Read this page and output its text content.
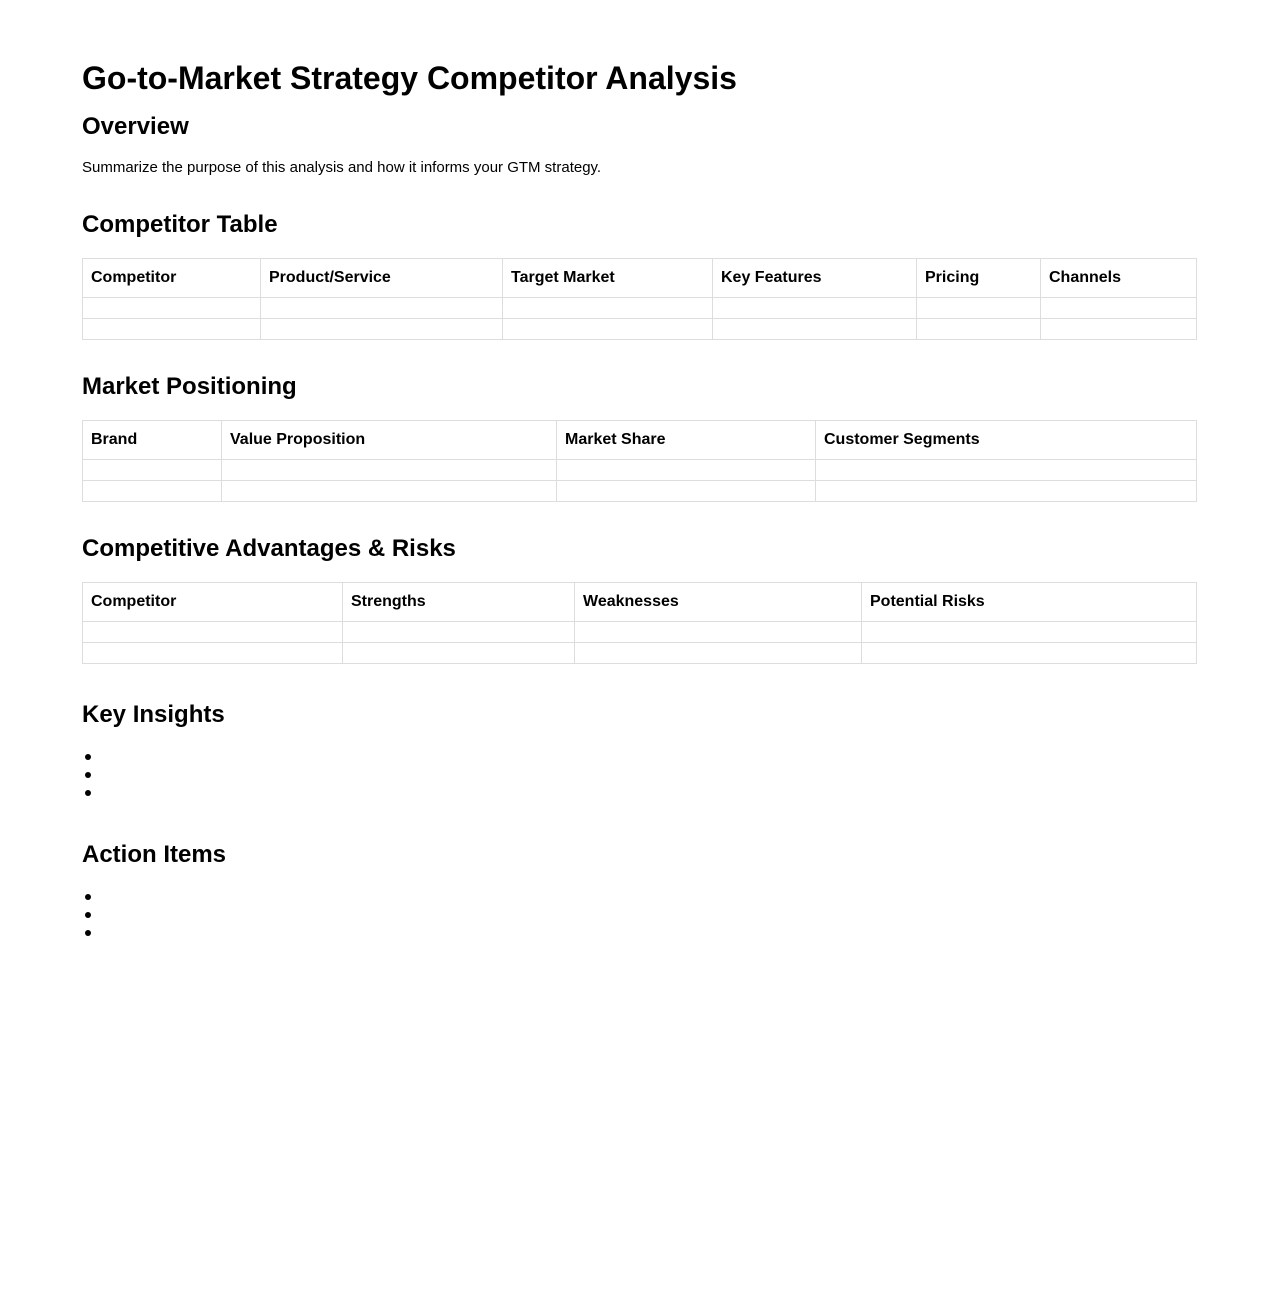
Go-to-Market Strategy Competitor Analysis
Overview

Summarize the purpose of this analysis and how it informs your GTM strategy.

Competitor Table
Competitor	Product/Service	Target Market	Key Features	Pricing	Channels

Market Positioning
Brand	Value Proposition	Market Share	Customer Segments

Competitive Advantages & Risks
Competitor	Strengths	Weaknesses	Potential Risks

Key Insights
Action Items
